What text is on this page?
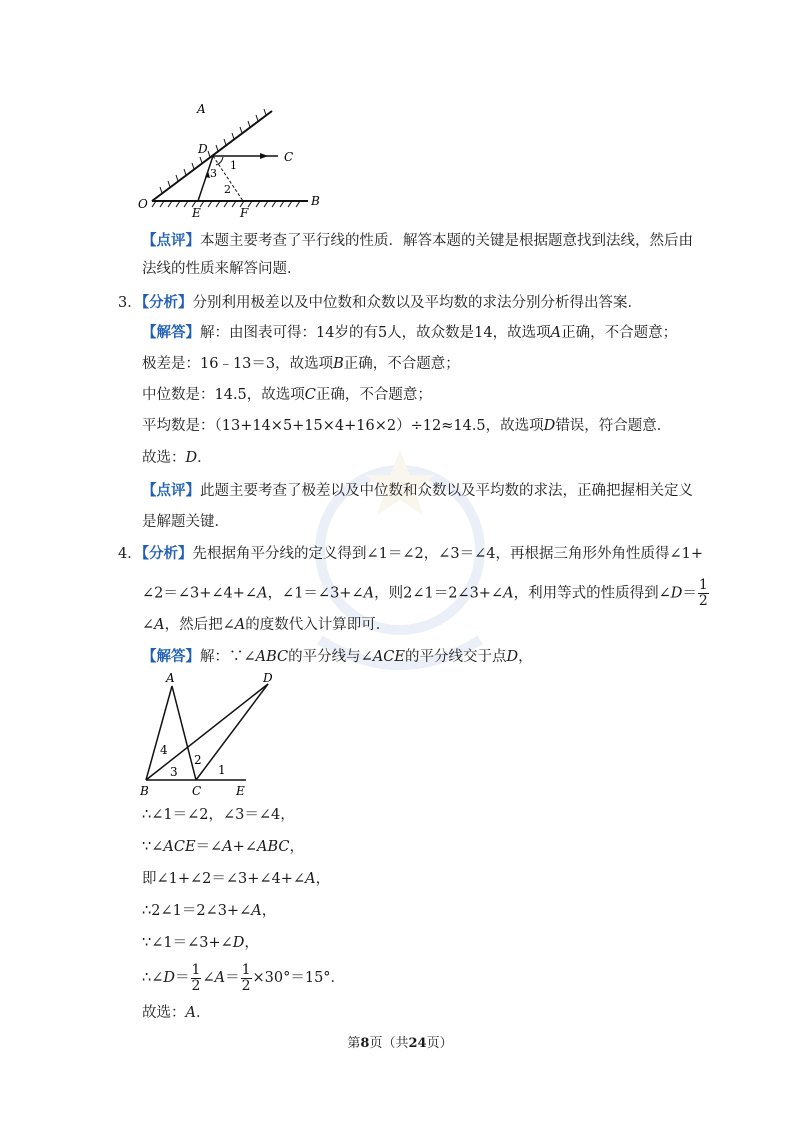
A
D
C
O
E	F
B
1
2
3
【点评】本题主要考查了平行线的性质．解答本题的关键是根据题意找到法线，然后由
法线的性质来解答问题．
3．【分析】分别利用极差以及中位数和众数以及平均数的求法分别分析得出答案．
【解答】解：由图表可得：14岁的有5人，故众数是14，故选项A正确，不合题意；
极差是：16﹣13＝3，故选项B正确，不合题意；
中位数是：14.5，故选项C正确，不合题意；
平均数是：（13+14×5+15×4+16×2）÷12≈14.5，故选项D错误，符合题意．
故选：D．
【点评】此题主要考查了极差以及中位数和众数以及平均数的求法，正确把握相关定义
是解题关键．
4．【分析】先根据角平分线的定义得到∠1＝∠2，∠3＝∠4，再根据三角形外角性质得∠1+
∠2＝∠3+∠4+∠A，∠1＝∠3+∠A，则2∠1＝2∠3+∠A，利用等式的性质得到∠D＝ $\frac{1}{2}$
∠A，然后把∠A的度数代入计算即可．
【解答】解：∵∠ABC的平分线与∠ACE的平分线交于点D，
A	D
B	C	E
1
2
3
4
∴∠1＝∠2，∠3＝∠4，
∵∠ACE＝∠A+∠ABC，
即∠1+∠2＝∠3+∠4+∠A，
∴2∠1＝2∠3+∠A，
∵∠1＝∠3+∠D，
∴∠D＝ $\frac{1}{2}$ ∠A＝ $\frac{1}{2} \times 30^\circ=15^\circ$．
故选：A．
第8页（共24页）
